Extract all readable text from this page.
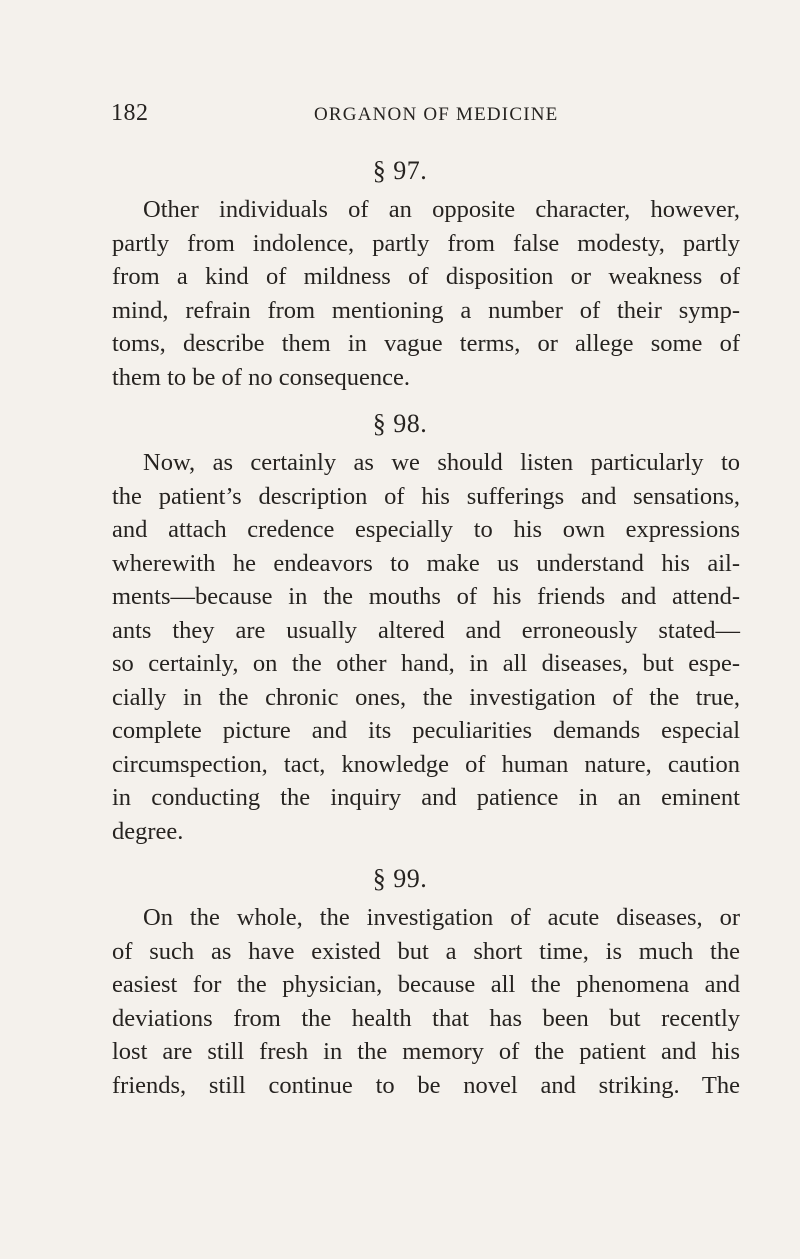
182	ORGANON OF MEDICINE
§ 97.
Other individuals of an opposite character, however,
partly from indolence, partly from false modesty, partly
from a kind of mildness of disposition or weakness of
mind, refrain from mentioning a number of their symp-
toms, describe them in vague terms, or allege some of
them to be of no consequence.
§ 98.
Now, as certainly as we should listen particularly to
the patient’s description of his sufferings and sensations,
and attach credence especially to his own expressions
wherewith he endeavors to make us understand his ail-
ments—because in the mouths of his friends and attend-
ants they are usually altered and erroneously stated—
so certainly, on the other hand, in all diseases, but espe-
cially in the chronic ones, the investigation of the true,
complete picture and its peculiarities demands especial
circumspection, tact, knowledge of human nature, caution
in conducting the inquiry and patience in an eminent
degree.
§ 99.
On the whole, the investigation of acute diseases, or
of such as have existed but a short time, is much the
easiest for the physician, because all the phenomena and
deviations from the health that has been but recently
lost are still fresh in the memory of the patient and his
friends, still continue to be novel and striking. The
